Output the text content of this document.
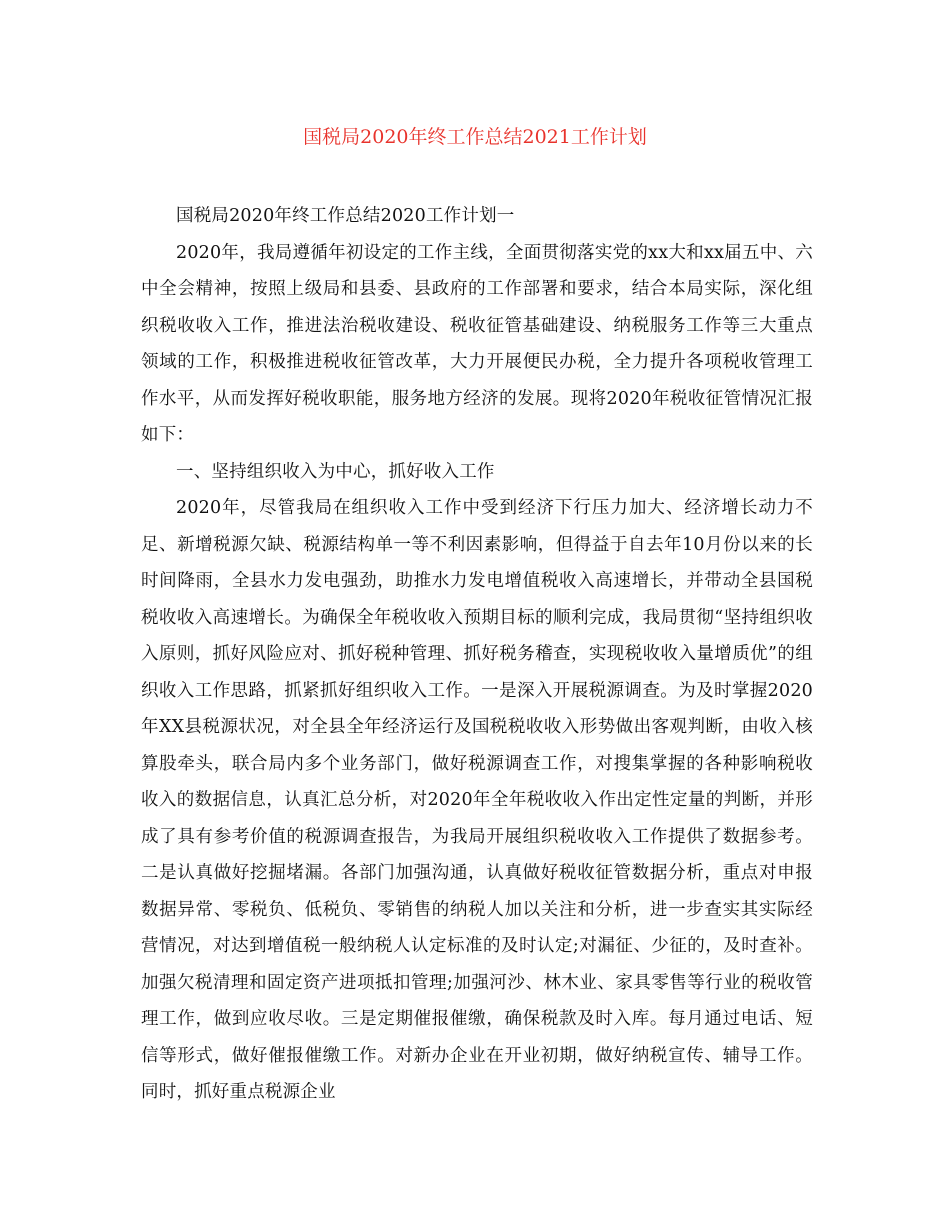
国税局2020年终工作总结2021工作计划

国税局2020年终工作总结2020工作计划一

2020年，我局遵循年初设定的工作主线，全面贯彻落实党的xx大和xx届五中、六中全会精神，按照上级局和县委、县政府的工作部署和要求，结合本局实际，深化组织税收收入工作，推进法治税收建设、税收征管基础建设、纳税服务工作等三大重点领域的工作，积极推进税收征管改革，大力开展便民办税，全力提升各项税收管理工作水平，从而发挥好税收职能，服务地方经济的发展。现将2020年税收征管情况汇报如下：

一、坚持组织收入为中心，抓好收入工作

2020年，尽管我局在组织收入工作中受到经济下行压力加大、经济增长动力不足、新增税源欠缺、税源结构单一等不利因素影响，但得益于自去年10月份以来的长时间降雨，全县水力发电强劲，助推水力发电增值税收入高速增长，并带动全县国税税收收入高速增长。为确保全年税收收入预期目标的顺利完成，我局贯彻“坚持组织收入原则，抓好风险应对、抓好税种管理、抓好税务稽查，实现税收收入量增质优”的组织收入工作思路，抓紧抓好组织收入工作。一是深入开展税源调查。为及时掌握2020年XX县税源状况，对全县全年经济运行及国税税收收入形势做出客观判断，由收入核算股牵头，联合局内多个业务部门，做好税源调查工作，对搜集掌握的各种影响税收收入的数据信息，认真汇总分析，对2020年全年税收收入作出定性定量的判断，并形成了具有参考价值的税源调查报告，为我局开展组织税收收入工作提供了数据参考。二是认真做好挖掘堵漏。各部门加强沟通，认真做好税收征管数据分析，重点对申报数据异常、零税负、低税负、零销售的纳税人加以关注和分析，进一步查实其实际经营情况，对达到增值税一般纳税人认定标准的及时认定;对漏征、少征的，及时查补。加强欠税清理和固定资产进项抵扣管理;加强河沙、林木业、家具零售等行业的税收管理工作，做到应收尽收。三是定期催报催缴，确保税款及时入库。每月通过电话、短信等形式，做好催报催缴工作。对新办企业在开业初期，做好纳税宣传、辅导工作。同时，抓好重点税源企业
